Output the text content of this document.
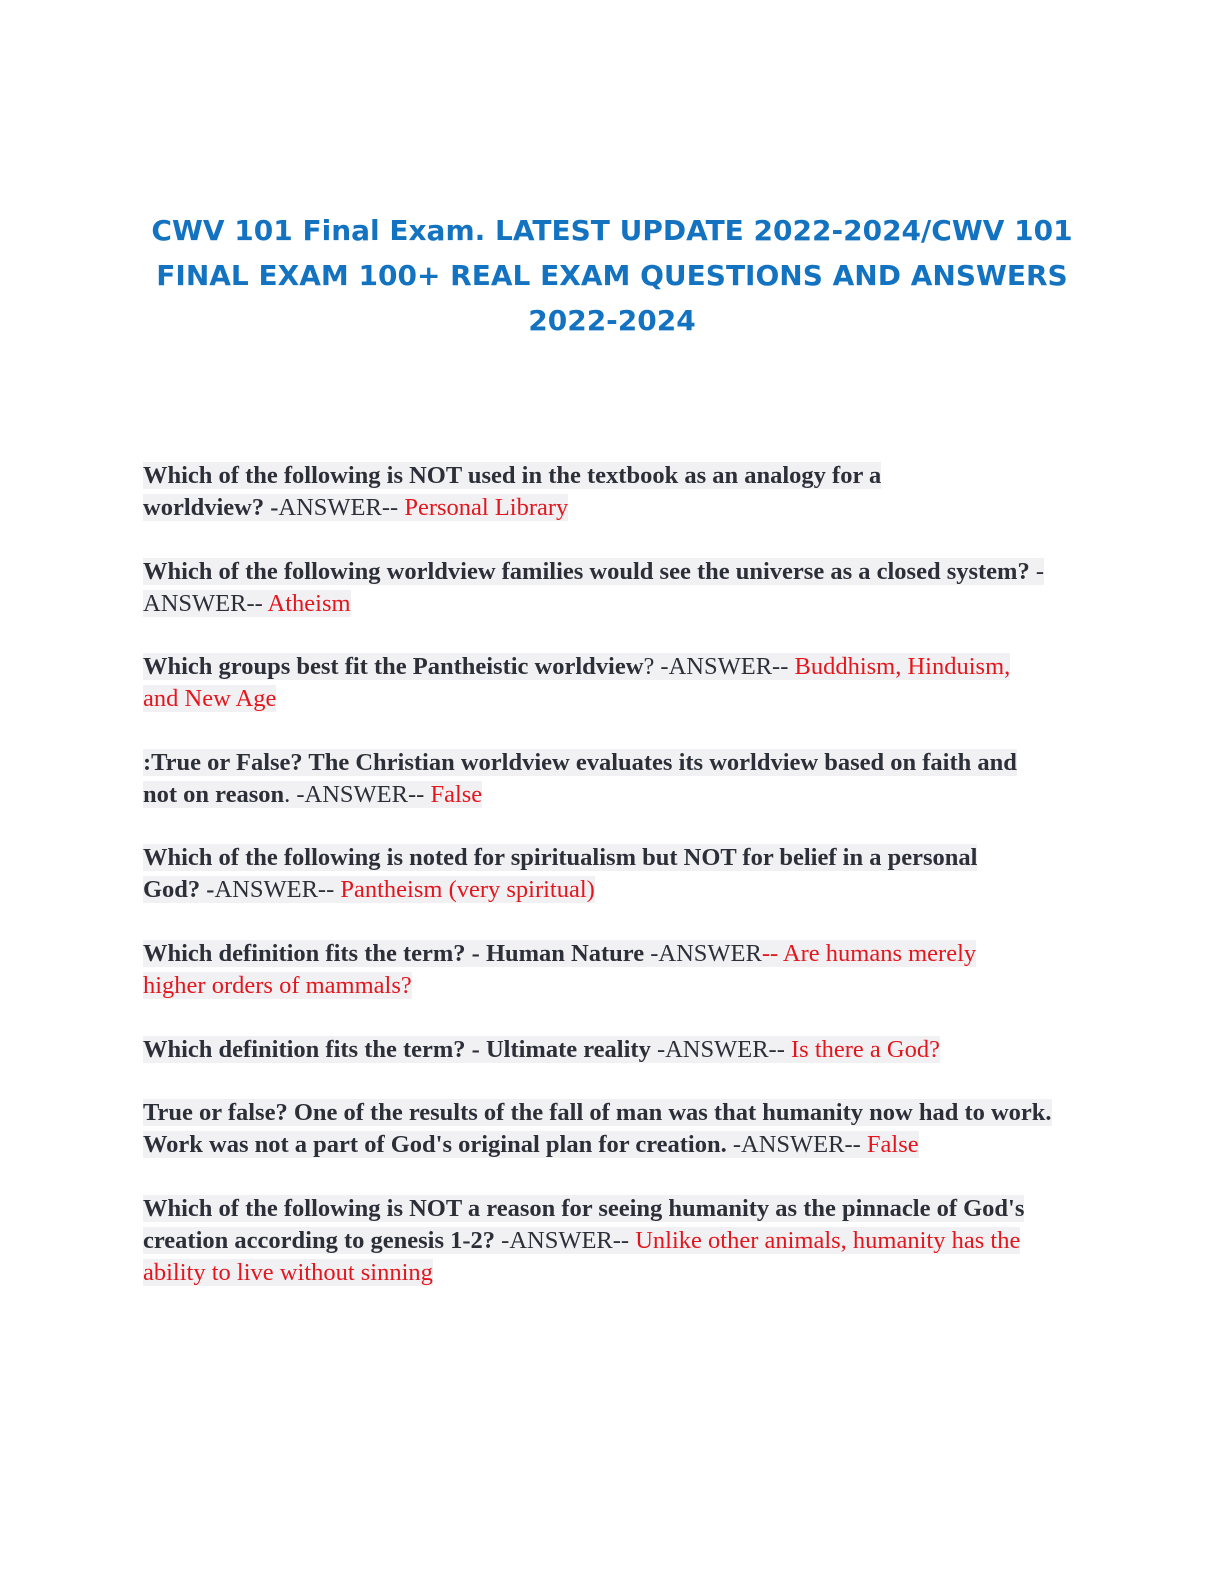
CWV 101 Final Exam. LATEST UPDATE 2022-2024/CWV 101 FINAL EXAM 100+ REAL EXAM QUESTIONS AND ANSWERS 2022-2024

Which of the following is NOT used in the textbook as an analogy for a worldview? -ANSWER-- Personal Library

Which of the following worldview families would see the universe as a closed system? -ANSWER-- Atheism

Which groups best fit the Pantheistic worldview? -ANSWER-- Buddhism, Hinduism, and New Age

:True or False? The Christian worldview evaluates its worldview based on faith and not on reason. -ANSWER-- False

Which of the following is noted for spiritualism but NOT for belief in a personal God? -ANSWER-- Pantheism (very spiritual)

Which definition fits the term? - Human Nature -ANSWER-- Are humans merely higher orders of mammals?

Which definition fits the term? - Ultimate reality -ANSWER-- Is there a God?

True or false? One of the results of the fall of man was that humanity now had to work. Work was not a part of God's original plan for creation. -ANSWER-- False

Which of the following is NOT a reason for seeing humanity as the pinnacle of God's creation according to genesis 1-2? -ANSWER-- Unlike other animals, humanity has the ability to live without sinning
